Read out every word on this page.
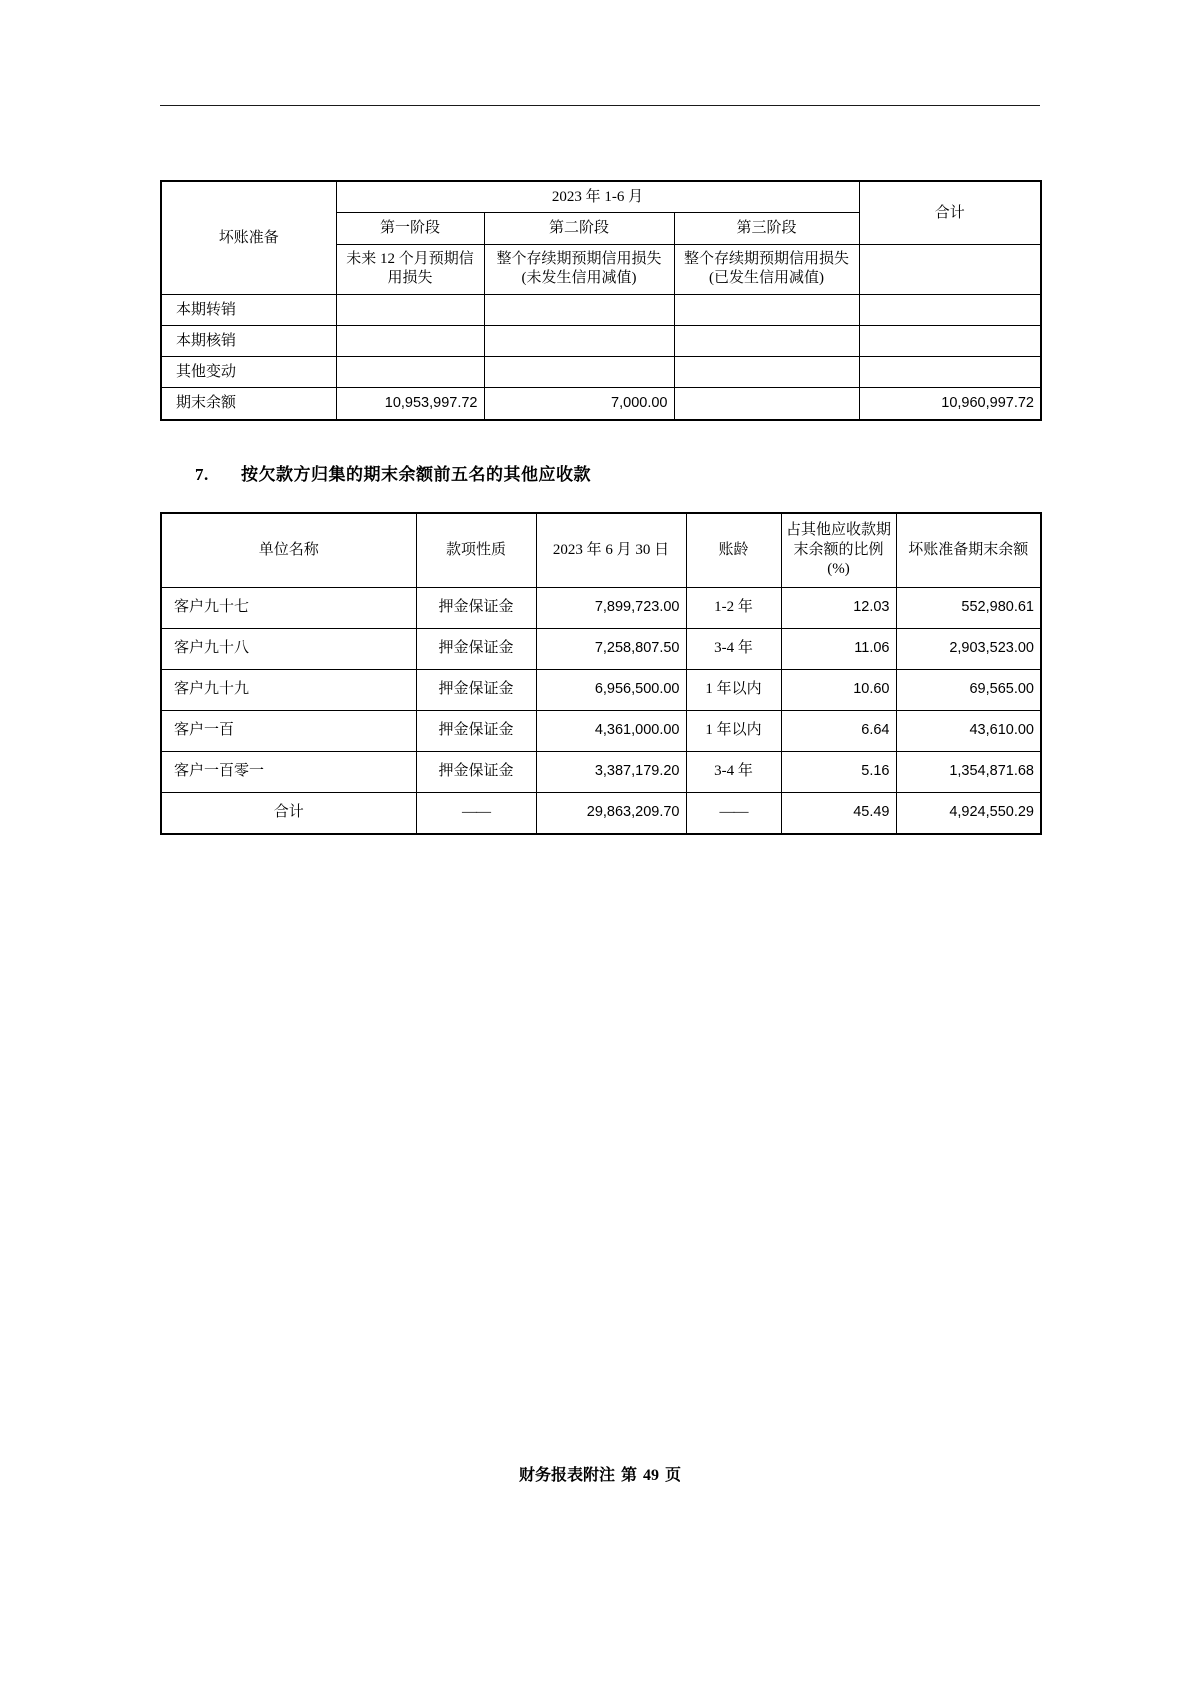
坏账准备	2023 年 1-6 月			合计
	第一阶段	第二阶段	第三阶段	
	未来 12 个月预期信用损失	整个存续期预期信用损失(未发生信用减值)	整个存续期预期信用损失(已发生信用减值)	
本期转销				
本期核销				
其他变动				
期末余额	10,953,997.72	7,000.00		10,960,997.72
7. 按欠款方归集的期末余额前五名的其他应收款
单位名称	款项性质	2023 年 6 月 30 日	账龄	占其他应收款期末余额的比例(%)	坏账准备期末余额
客户九十七	押金保证金	7,899,723.00	1-2 年	12.03	552,980.61
客户九十八	押金保证金	7,258,807.50	3-4 年	11.06	2,903,523.00
客户九十九	押金保证金	6,956,500.00	1 年以内	10.60	69,565.00
客户一百	押金保证金	4,361,000.00	1 年以内	6.64	43,610.00
客户一百零一	押金保证金	3,387,179.20	3-4 年	5.16	1,354,871.68
合计	——	29,863,209.70	——	45.49	4,924,550.29
财务报表附注 第 49 页
